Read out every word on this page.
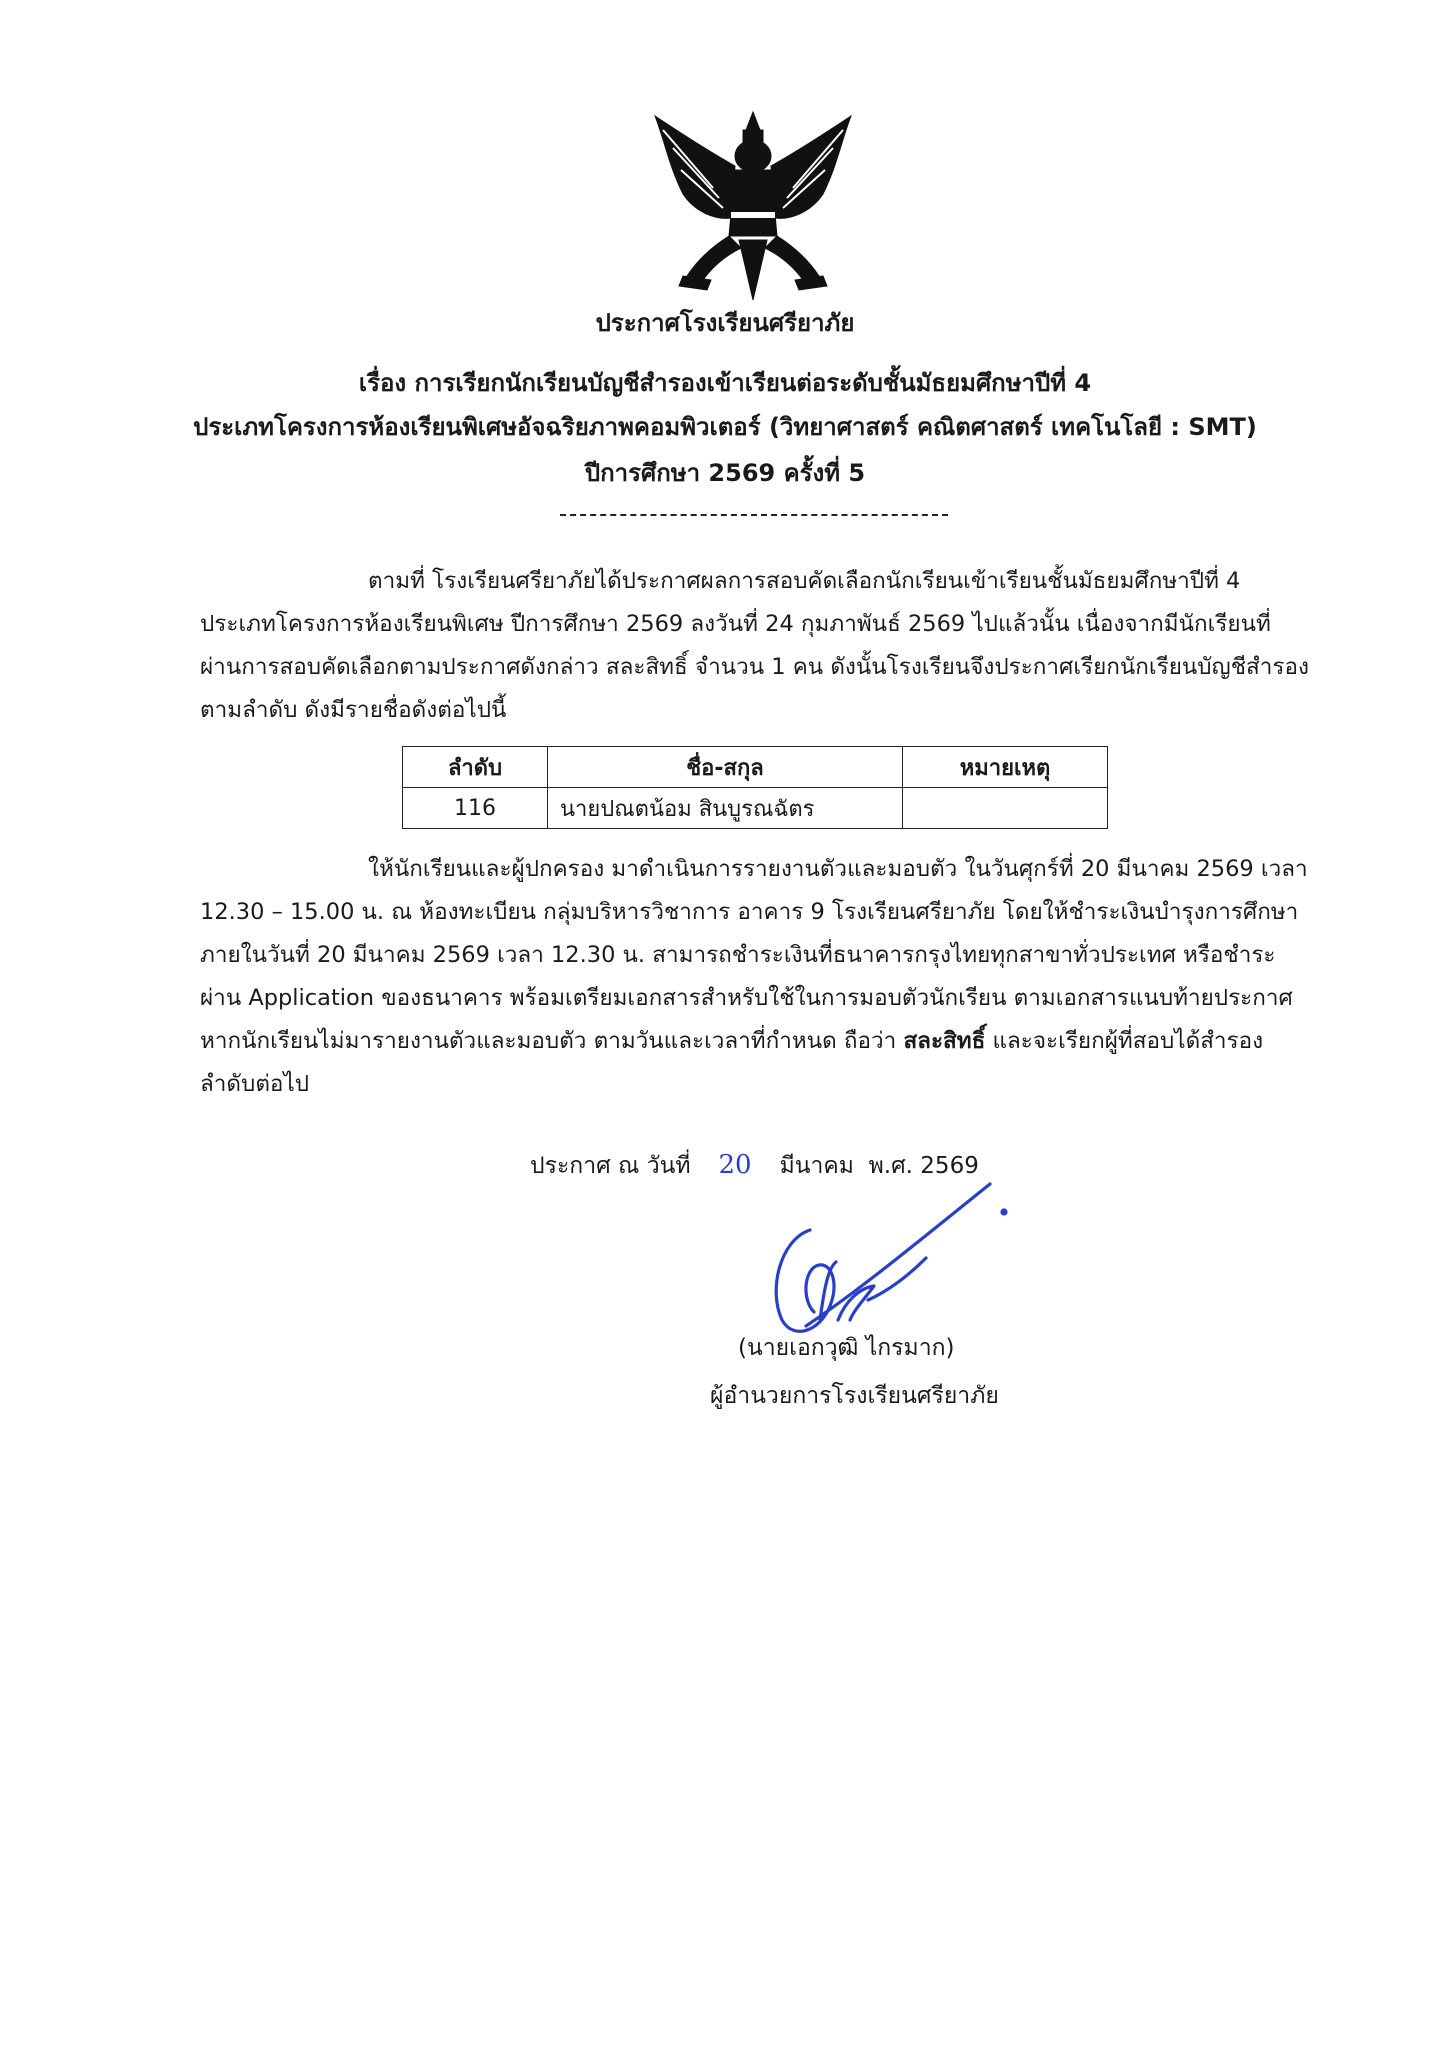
ประกาศโรงเรียนศรียาภัย
เรื่อง การเรียกนักเรียนบัญชีสำรองเข้าเรียนต่อระดับชั้นมัธยมศึกษาปีที่ 4
ประเภทโครงการห้องเรียนพิเศษอัจฉริยภาพคอมพิวเตอร์ (วิทยาศาสตร์ คณิตศาสตร์ เทคโนโลยี : SMT)
ปีการศึกษา 2569 ครั้งที่ 5
ตามที่ โรงเรียนศรียาภัยได้ประกาศผลการสอบคัดเลือกนักเรียนเข้าเรียนชั้นมัธยมศึกษาปีที่ 4 ประเภทโครงการห้องเรียนพิเศษ ปีการศึกษา 2569 ลงวันที่ 24 กุมภาพันธ์ 2569 ไปแล้วนั้น เนื่องจากมีนักเรียนที่ผ่านการสอบคัดเลือกตามประกาศดังกล่าว สละสิทธิ์ จำนวน 1 คน ดังนั้นโรงเรียนจึงประกาศเรียกนักเรียนบัญชีสำรองตามลำดับ ดังมีรายชื่อดังต่อไปนี้
ลำดับ	ชื่อ-สกุล	หมายเหตุ
116	นายปณตน้อม สินบูรณฉัตร	
ให้นักเรียนและผู้ปกครอง มาดำเนินการรายงานตัวและมอบตัว ในวันศุกร์ที่ 20 มีนาคม 2569 เวลา 12.30 – 15.00 น. ณ ห้องทะเบียน กลุ่มบริหารวิชาการ อาคาร 9 โรงเรียนศรียาภัย โดยให้ชำระเงินบำรุงการศึกษาภายในวันที่ 20 มีนาคม 2569 เวลา 12.30 น. สามารถชำระเงินที่ธนาคารกรุงไทยทุกสาขาทั่วประเทศ หรือชำระผ่าน Application ของธนาคาร พร้อมเตรียมเอกสารสำหรับใช้ในการมอบตัวนักเรียน ตามเอกสารแนบท้ายประกาศ หากนักเรียนไม่มารายงานตัวและมอบตัว ตามวันและเวลาที่กำหนด ถือว่า สละสิทธิ์ และจะเรียกผู้ที่สอบได้สำรองลำดับต่อไป
ประกาศ ณ วันที่ 20 มีนาคม พ.ศ. 2569
(นายเอกวุฒิ ไกรมาก)
ผู้อำนวยการโรงเรียนศรียาภัย
